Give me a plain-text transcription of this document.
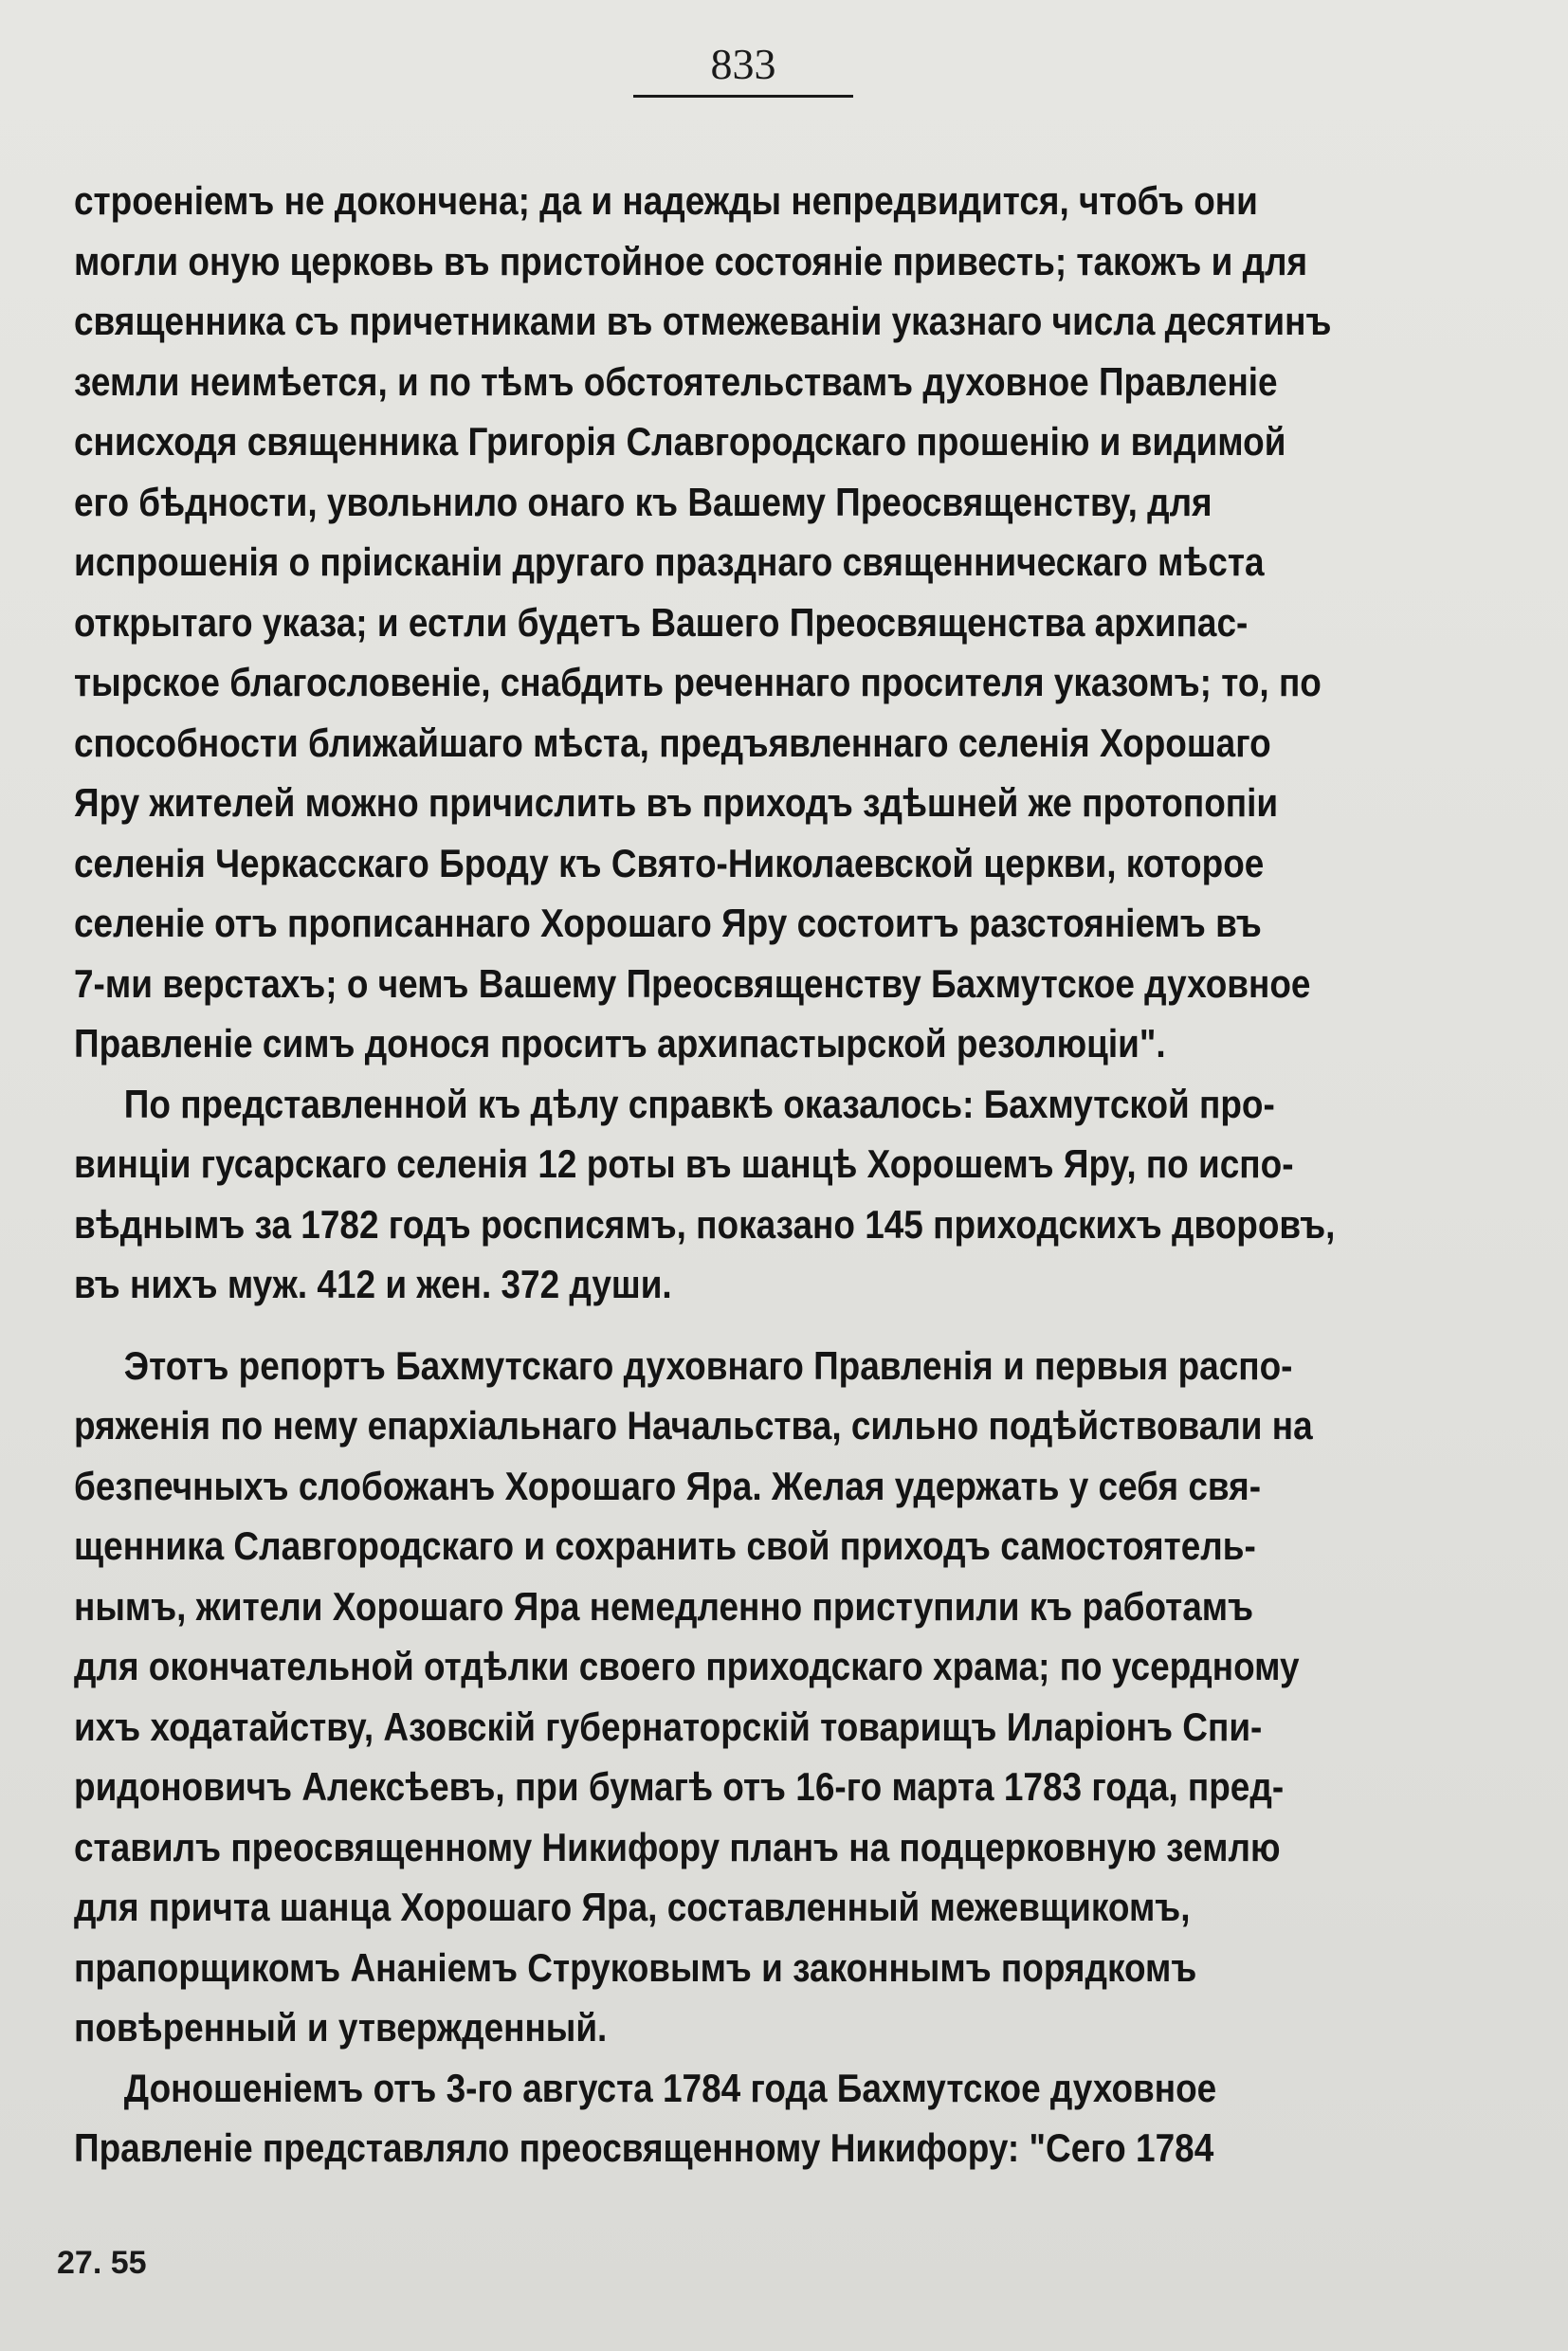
833
строеніемъ не докончена; да и надежды непредвидится, чтобъ они
могли оную церковь въ пристойное состояніе привесть; такожъ и для
священника съ причетниками въ отмежеваніи указнаго числа десятинъ
земли неимѣется, и по тѣмъ обстоятельствамъ духовное Правленіе
снисходя священника Григорія Славгородскаго прошенію и видимой
его бѣдности, увольнило онаго къ Вашему Преосвященству, для
испрошенія о пріисканіи другаго празднаго священническаго мѣста
открытаго указа; и естли будетъ Вашего Преосвященства архипас-
тырское благословеніе, снабдить реченнаго просителя указомъ; то, по
способности ближайшаго мѣста, предъявленнаго селенія Хорошаго
Яру жителей можно причислить въ приходъ здѣшней же протопопіи
селенія Черкасскаго Броду къ Свято-Николаевской церкви, которое
селеніе отъ прописаннаго Хорошаго Яру состоитъ разстояніемъ въ
7-ми верстахъ; о чемъ Вашему Преосвященству Бахмутское духовное
Правленіе симъ донося проситъ архипастырской резолюціи".
По представленной къ дѣлу справкѣ оказалось: Бахмутской про-
винціи гусарскаго селенія 12 роты въ шанцѣ Хорошемъ Яру, по испо-
вѣднымъ за 1782 годъ росписямъ, показано 145 приходскихъ дворовъ,
въ нихъ муж. 412 и жен. 372 души.
Этотъ репортъ Бахмутскаго духовнаго Правленія и первыя распо-
ряженія по нему епархіальнаго Начальства, сильно подѣйствовали на
безпечныхъ слобожанъ Хорошаго Яра. Желая удержать у себя свя-
щенника Славгородскаго и сохранить свой приходъ самостоятель-
нымъ, жители Хорошаго Яра немедленно приступили къ работамъ
для окончательной отдѣлки своего приходскаго храма; по усердному
ихъ ходатайству, Азовскій губернаторскій товарищъ Иларіонъ Спи-
ридоновичъ Алексѣевъ, при бумагѣ отъ 16-го марта 1783 года, пред-
ставилъ преосвященному Никифору планъ на подцерковную землю
для причта шанца Хорошаго Яра, составленный межевщикомъ,
прапорщикомъ Ананіемъ Струковымъ и законнымъ порядкомъ
повѣренный и утвержденный.
Доношеніемъ отъ 3-го августа 1784 года Бахмутское духовное
Правленіе представляло преосвященному Никифору: "Сего 1784
27. 55
